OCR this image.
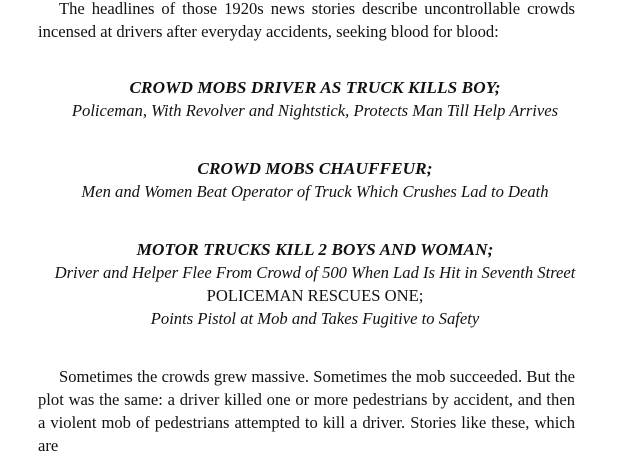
The headlines of those 1920s news stories describe uncontrollable crowds incensed at drivers after everyday accidents, seeking blood for blood:

CROWD MOBS DRIVER AS TRUCK KILLS BOY;
Policeman, With Revolver and Nightstick, Protects Man Till Help Arrives
CROWD MOBS CHAUFFEUR;
Men and Women Beat Operator of Truck Which Crushes Lad to Death
MOTOR TRUCKS KILL 2 BOYS AND WOMAN;
Driver and Helper Flee From Crowd of 500 When Lad Is Hit in Seventh Street
POLICEMAN RESCUES ONE;
Points Pistol at Mob and Takes Fugitive to Safety

Sometimes the crowds grew massive. Sometimes the mob succeeded. But the plot was the same: a driver killed one or more pedestrians by accident, and then a violent mob of pedestrians attempted to kill a driver. Stories like these, which are
